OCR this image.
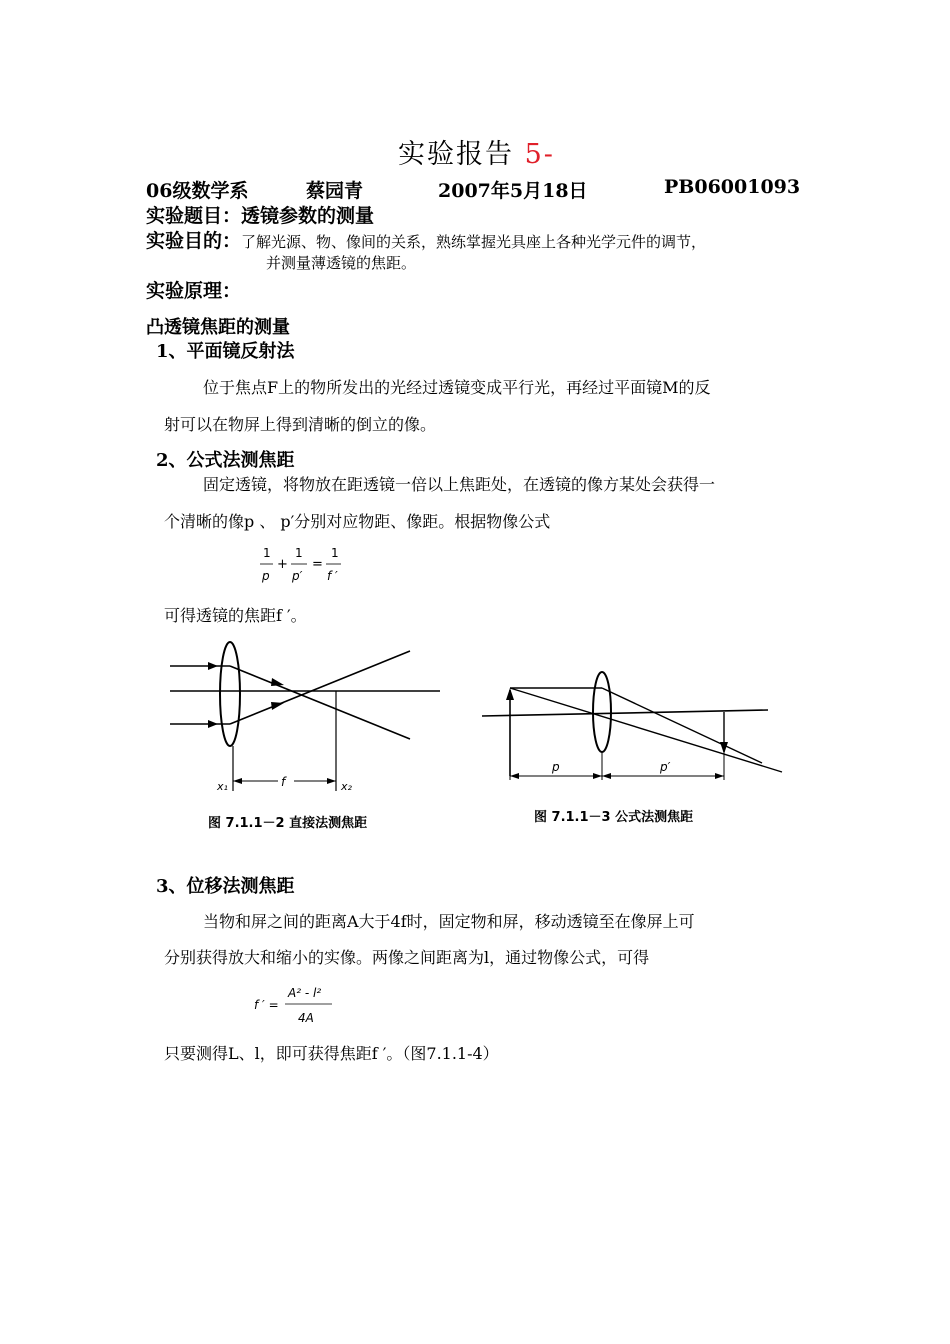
实验报告 5-
06级数学系	蔡园青	2007年5月18日	PB06001093
实验题目：透镜参数的测量
实验目的：了解光源、物、像间的关系，熟练掌握光具座上各种光学元件的调节，
并测量薄透镜的焦距。
实验原理：
凸透镜焦距的测量
1、平面镜反射法
位于焦点F上的物所发出的光经过透镜变成平行光，再经过平面镜M的反
射可以在物屏上得到清晰的倒立的像。
2、公式法测焦距
固定透镜，将物放在距透镜一倍以上焦距处，在透镜的像方某处会获得一
个清晰的像p 、 p′分别对应物距、像距。根据物像公式
1
p
+
1
p′
=
1
f ′
可得透镜的焦距f ′。
f
x₁	x₂
图 7.1.1－2 直接法测焦距
p	p′
图 7.1.1－3 公式法测焦距
3、位移法测焦距
当物和屏之间的距离A大于4f时，固定物和屏，移动透镜至在像屏上可
分别获得放大和缩小的实像。两像之间距离为l，通过物像公式，可得
f ′ =
A² - l²
4A
只要测得L、l，即可获得焦距f ′。（图7.1.1-4）
